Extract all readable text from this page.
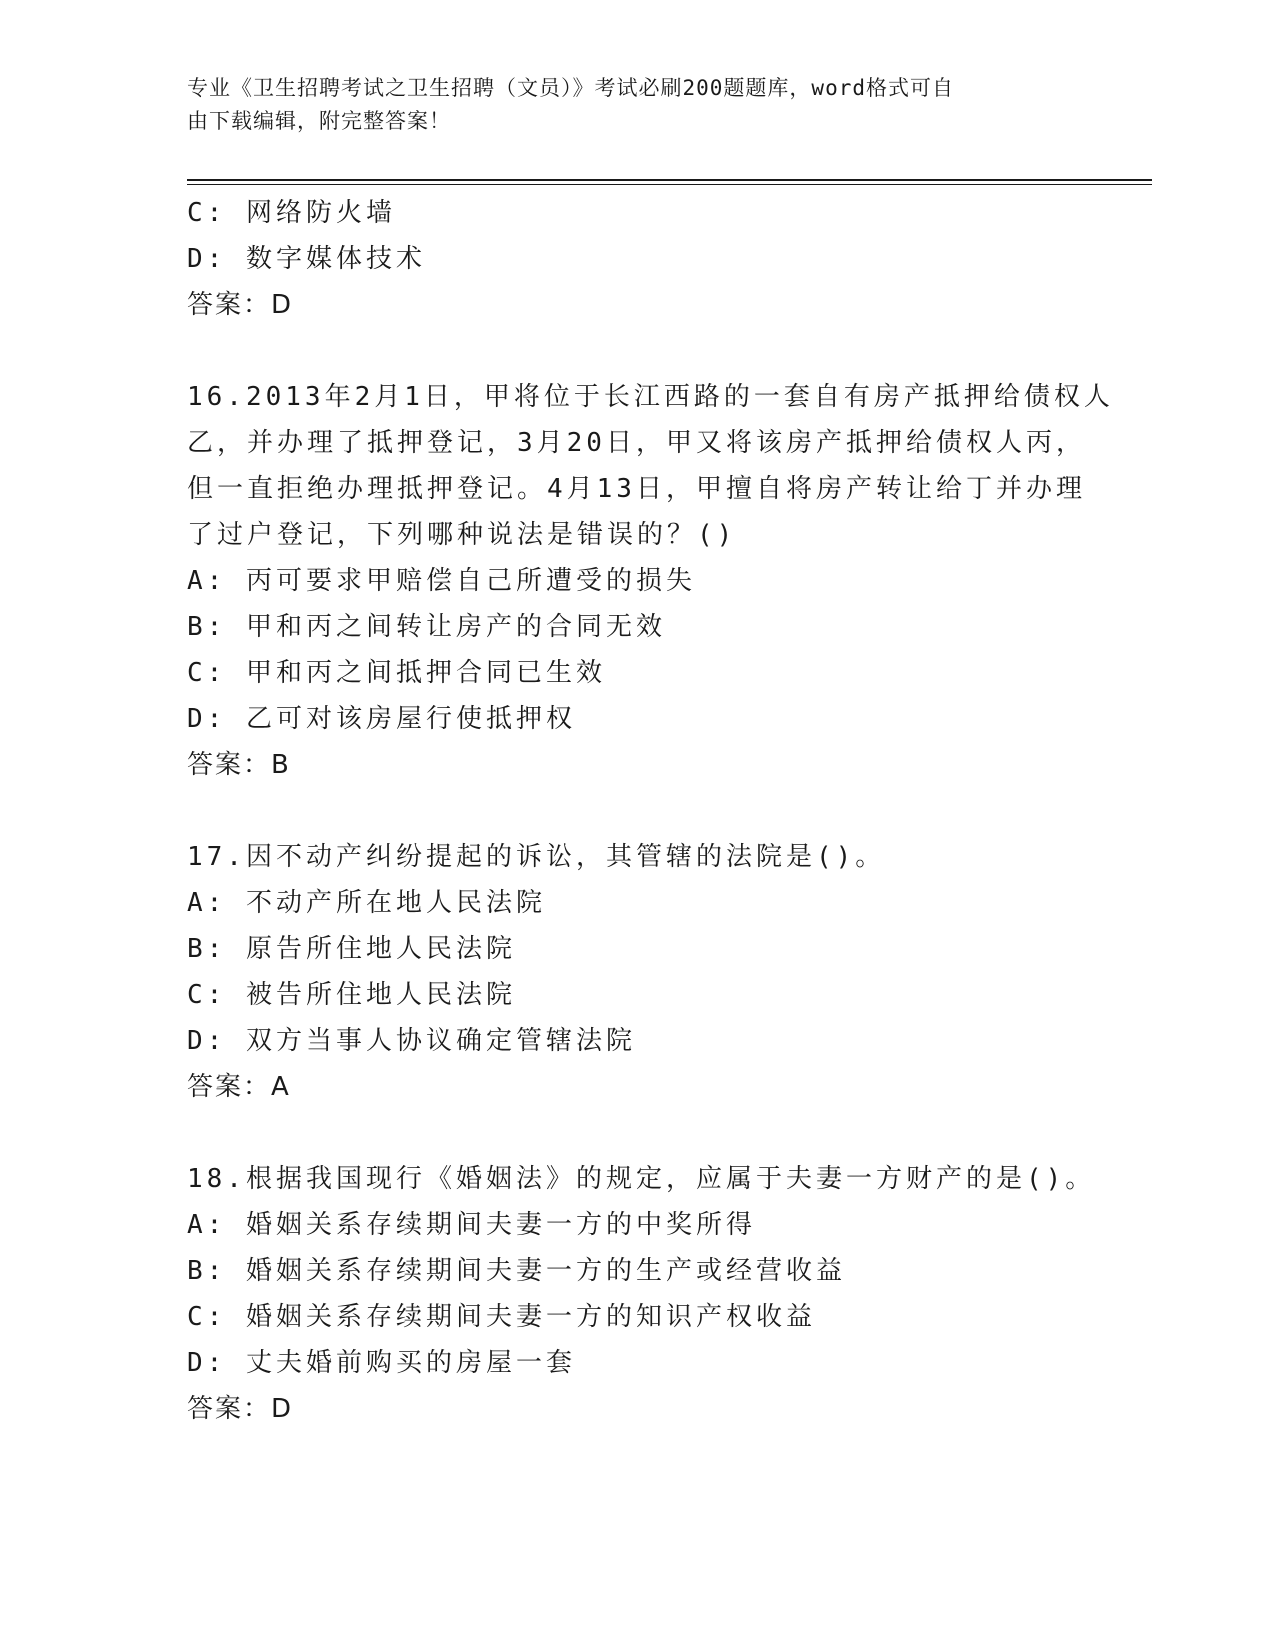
专业《卫生招聘考试之卫生招聘（文员）》考试必刷200题题库，word格式可自
由下载编辑，附完整答案！
C: 网络防火墙
D: 数字媒体技术
答案：D
16.2013年2月1日，甲将位于长江西路的一套自有房产抵押给债权人
乙，并办理了抵押登记，3月20日，甲又将该房产抵押给债权人丙，
但一直拒绝办理抵押登记。4月13日，甲擅自将房产转让给丁并办理
了过户登记，下列哪种说法是错误的？()
A: 丙可要求甲赔偿自己所遭受的损失
B: 甲和丙之间转让房产的合同无效
C: 甲和丙之间抵押合同已生效
D: 乙可对该房屋行使抵押权
答案：B
17.因不动产纠纷提起的诉讼，其管辖的法院是()。
A: 不动产所在地人民法院
B: 原告所住地人民法院
C: 被告所住地人民法院
D: 双方当事人协议确定管辖法院
答案：A
18.根据我国现行《婚姻法》的规定，应属于夫妻一方财产的是()。
A: 婚姻关系存续期间夫妻一方的中奖所得
B: 婚姻关系存续期间夫妻一方的生产或经营收益
C: 婚姻关系存续期间夫妻一方的知识产权收益
D: 丈夫婚前购买的房屋一套
答案：D
